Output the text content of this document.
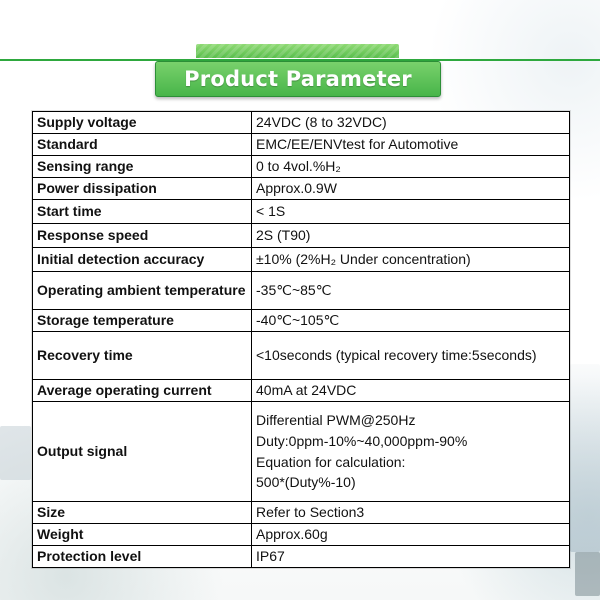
Product Parameter
Supply voltage	24VDC (8 to 32VDC)

Standard	EMC/EE/ENVtest for Automotive

Sensing range	0 to 4vol.%H₂

Power dissipation	Approx.0.9W

Start time	< 1S

Response speed	2S (T90)

Initial detection accuracy	±10% (2%H₂ Under concentration)

Operating ambient temperature	-35℃~85℃

Storage temperature	-40℃~105℃

Recovery time	<10seconds (typical recovery time:5seconds)

Average operating current	40mA at 24VDC

Output signal	Differential PWM@250Hz
Duty:0ppm-10%~40,000ppm-90%
Equation for calculation:
500*(Duty%-10)

Size	Refer to Section3

Weight	Approx.60g

Protection level	IP67
